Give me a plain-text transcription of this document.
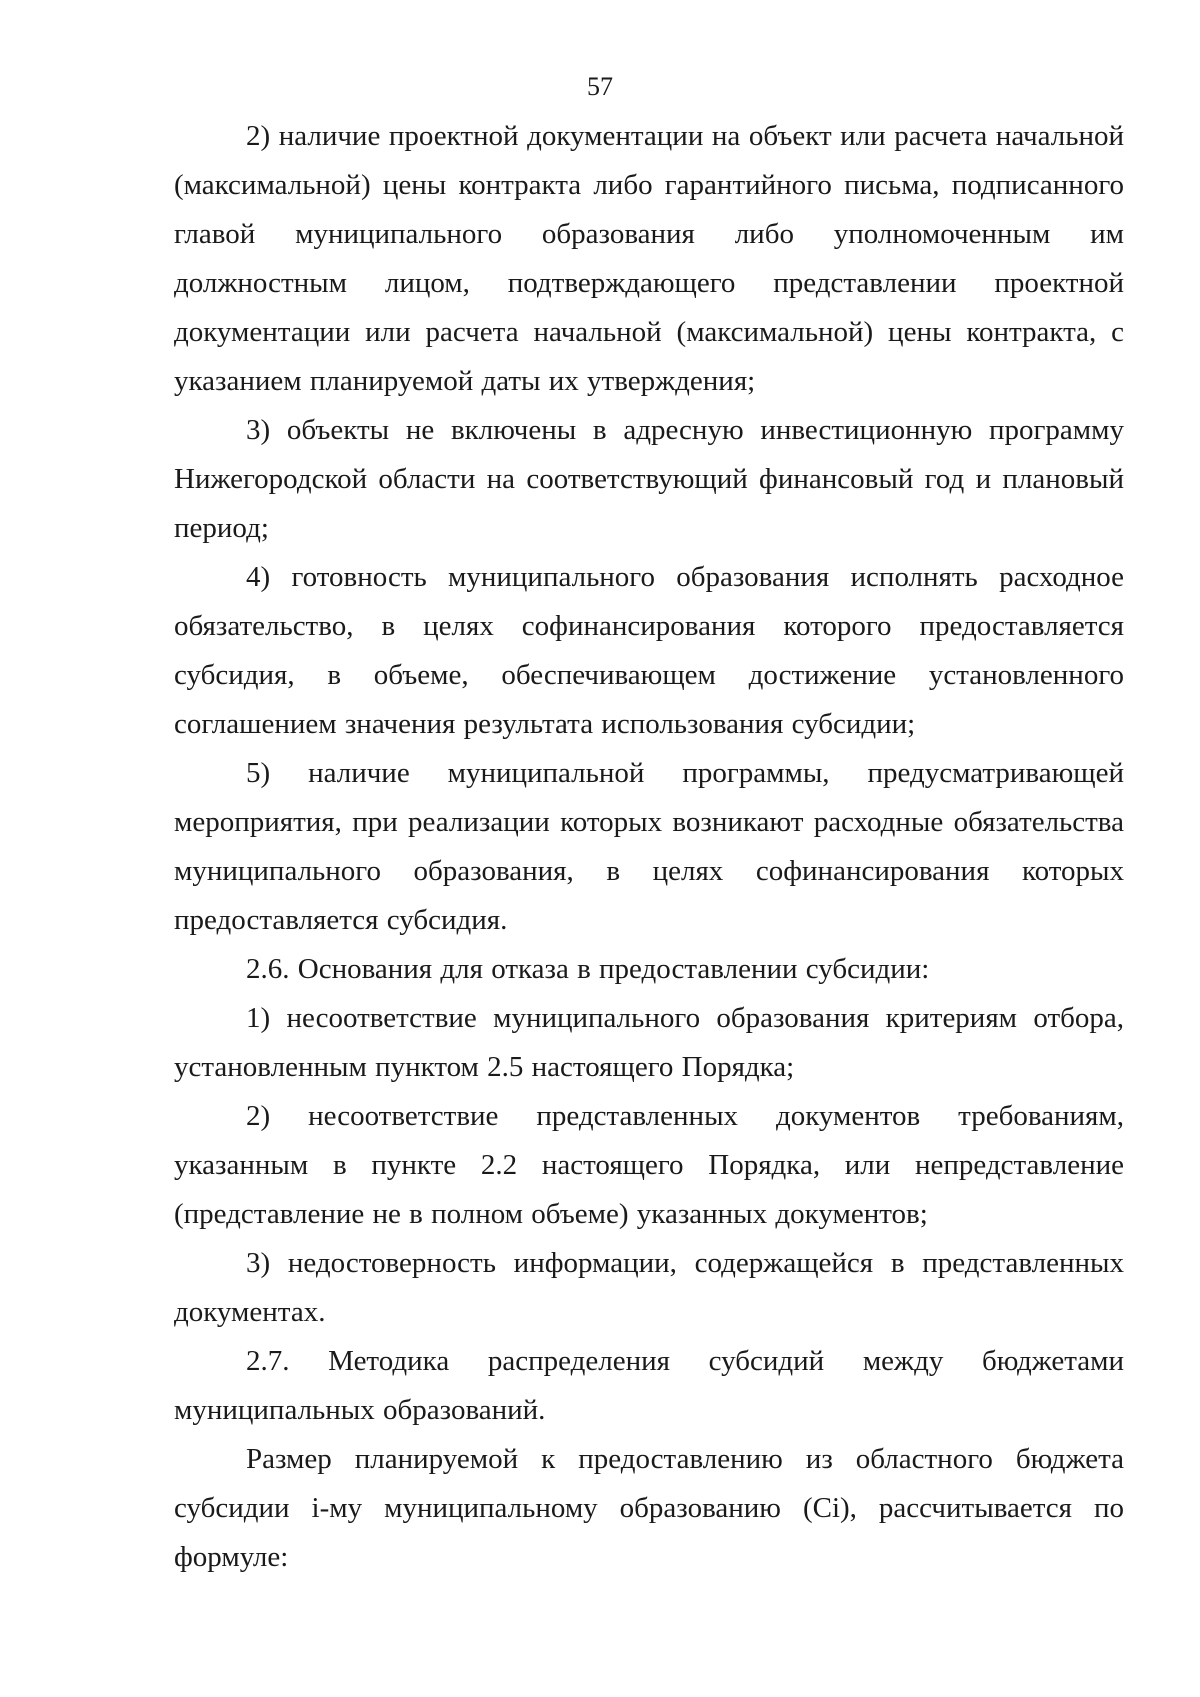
57

2) наличие проектной документации на объект или расчета начальной (максимальной) цены контракта либо гарантийного письма, подписанного главой муниципального образования либо уполномоченным им должностным лицом, подтверждающего представлении проектной документации или расчета начальной (максимальной) цены контракта, с указанием планируемой даты их утверждения;

3) объекты не включены в адресную инвестиционную программу Нижегородской области на соответствующий финансовый год и плановый период;

4) готовность муниципального образования исполнять расходное обязательство, в целях софинансирования которого предоставляется субсидия, в объеме, обеспечивающем достижение установленного соглашением значения результата использования субсидии;

5) наличие муниципальной программы, предусматривающей мероприятия, при реализации которых возникают расходные обязательства муниципального образования, в целях софинансирования которых предоставляется субсидия.

2.6. Основания для отказа в предоставлении субсидии:

1) несоответствие муниципального образования критериям отбора, установленным пунктом 2.5 настоящего Порядка;

2) несоответствие представленных документов требованиям, указанным в пункте 2.2 настоящего Порядка, или непредставление (представление не в полном объеме) указанных документов;

3) недостоверность информации, содержащейся в представленных документах.

2.7. Методика распределения субсидий между бюджетами муниципальных образований.

Размер планируемой к предоставлению из областного бюджета субсидии i-му муниципальному образованию (Ci), рассчитывается по формуле:
